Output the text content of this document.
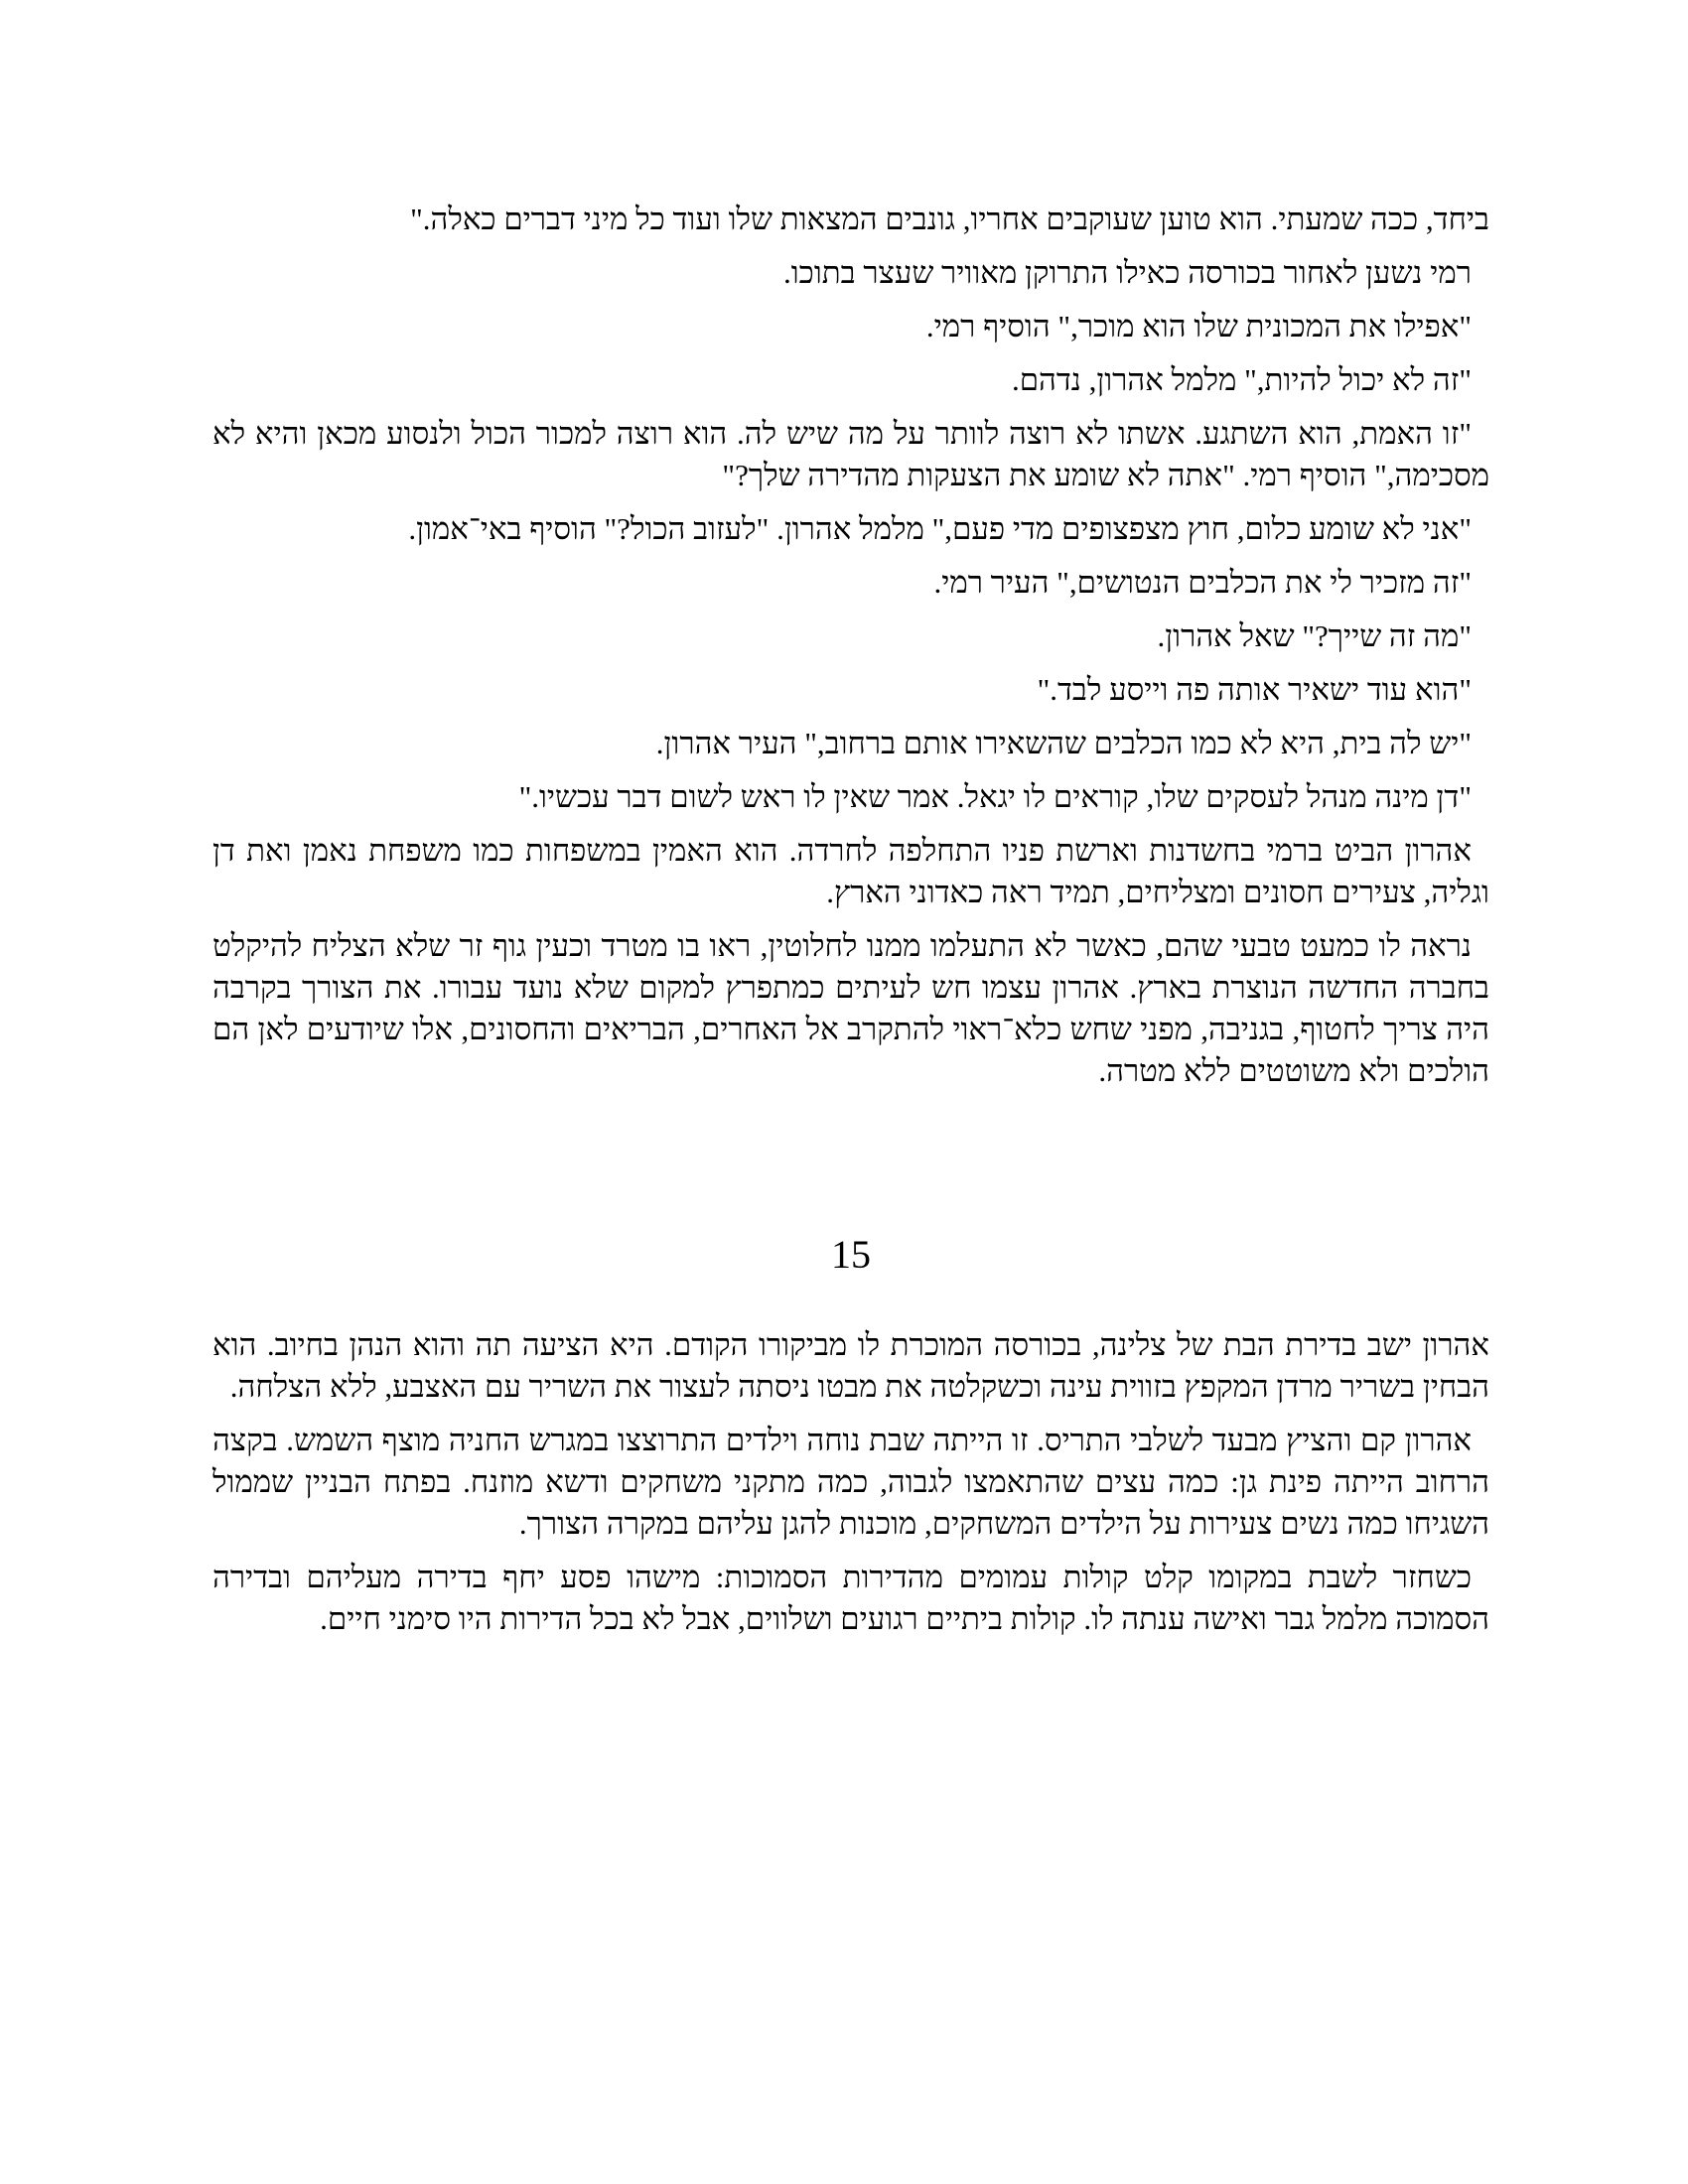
ביחד, ככה שמעתי. הוא טוען שעוקבים אחריו, גונבים המצאות שלו ועוד כל מיני דברים כאלה."

רמי נשען לאחור בכורסה כאילו התרוקן מאוויר שעצר בתוכו.

"אפילו את המכונית שלו הוא מוכר," הוסיף רמי.

"זה לא יכול להיות," מלמל אהרון, נדהם.

"זו האמת, הוא השתגע. אשתו לא רוצה לוותר על מה שיש לה. הוא רוצה למכור הכול ולנסוע מכאן והיא לא מסכימה," הוסיף רמי. "אתה לא שומע את הצעקות מהדירה שלך?"

"אני לא שומע כלום, חוץ מצפצופים מדי פעם," מלמל אהרון. "לעזוב הכול?" הוסיף באי־אמון.

"זה מזכיר לי את הכלבים הנטושים," העיר רמי.

"מה זה שייך?" שאל אהרון.

"הוא עוד ישאיר אותה פה וייסע לבד."

"יש לה בית, היא לא כמו הכלבים שהשאירו אותם ברחוב," העיר אהרון.

"דן מינה מנהל לעסקים שלו, קוראים לו יגאל. אמר שאין לו ראש לשום דבר עכשיו."

אהרון הביט ברמי בחשדנות וארשת פניו התחלפה לחרדה. הוא האמין במשפחות כמו משפחת נאמן ואת דן וגליה, צעירים חסונים ומצליחים, תמיד ראה כאדוני הארץ.

נראה לו כמעט טבעי שהם, כאשר לא התעלמו ממנו לחלוטין, ראו בו מטרד וכעין גוף זר שלא הצליח להיקלט בחברה החדשה הנוצרת בארץ. אהרון עצמו חש לעיתים כמתפרץ למקום שלא נועד עבורו. את הצורך בקרבה היה צריך לחטוף, בגניבה, מפני שחש כלא־ראוי להתקרב אל האחרים, הבריאים והחסונים, אלו שיודעים לאן הם הולכים ולא משוטטים ללא מטרה.

15

אהרון ישב בדירת הבת של צלינה, בכורסה המוכרת לו מביקורו הקודם. היא הציעה תה והוא הנהן בחיוב. הוא הבחין בשריר מרדן המקפץ בזווית עינה וכשקלטה את מבטו ניסתה לעצור את השריר עם האצבע, ללא הצלחה.

אהרון קם והציץ מבעד לשלבי התריס. זו הייתה שבת נוחה וילדים התרוצצו במגרש החניה מוצף השמש. בקצה הרחוב הייתה פינת גן: כמה עצים שהתאמצו לגבוה, כמה מתקני משחקים ודשא מוזנח. בפתח הבניין שממול השגיחו כמה נשים צעירות על הילדים המשחקים, מוכנות להגן עליהם במקרה הצורך.

כשחזר לשבת במקומו קלט קולות עמומים מהדירות הסמוכות: מישהו פסע יחף בדירה מעליהם ובדירה הסמוכה מלמל גבר ואישה ענתה לו. קולות ביתיים רגועים ושלווים, אבל לא בכל הדירות היו סימני חיים.
